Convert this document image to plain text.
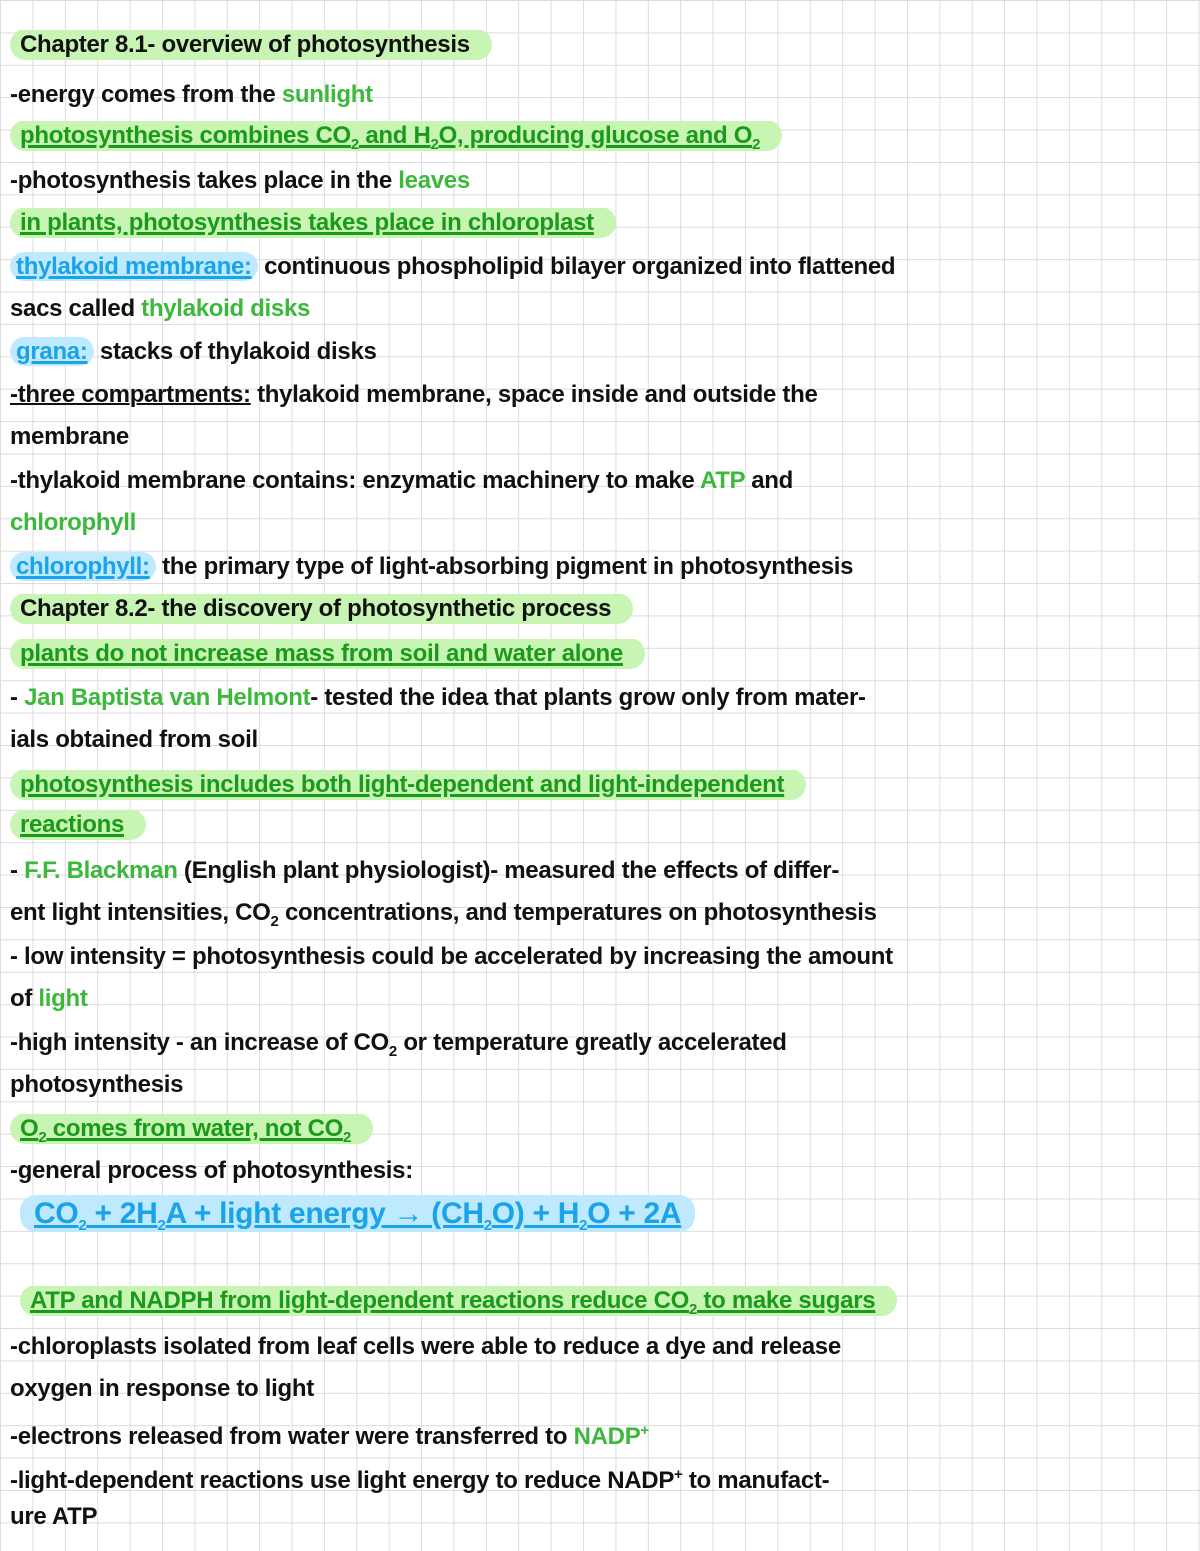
Chapter 8.1- overview of photosynthesis
-energy comes from the sunlight
photosynthesis combines $CO_2$ and $H_2O$, producing glucose and $O_2$
-photosynthesis takes place in the leaves
in plants, photosynthesis takes place in chloroplast
thylakoid membrane: continuous phospholipid bilayer organized into flattened
sacs called thylakoid disks
grana: stacks of thylakoid disks
-three compartments: thylakoid membrane, space inside and outside the
membrane
-thylakoid membrane contains: enzymatic machinery to make ATP and
chlorophyll
chlorophyll: the primary type of light-absorbing pigment in photosynthesis
Chapter 8.2- the discovery of photosynthetic process
plants do not increase mass from soil and water alone
- Jan Baptista van Helmont- tested the idea that plants grow only from mater-
ials obtained from soil
photosynthesis includes both light-dependent and light-independent
reactions
- F.F. Blackman (English plant physiologist)- measured the effects of differ-
ent light intensities, $CO_2$ concentrations, and temperatures on photosynthesis
- low intensity = photosynthesis could be accelerated by increasing the amount
of light
-high intensity - an increase of $CO_2$ or temperature greatly accelerated
photosynthesis
$O_2$ comes from water, not $CO_2$
-general process of photosynthesis:
$CO_2 + 2H_2A$ + light energy → $(CH_2O) + H_2O + 2A$
ATP and NADPH from light-dependent reactions reduce $CO_2$ to make sugars
-chloroplasts isolated from leaf cells were able to reduce a dye and release
oxygen in response to light
-electrons released from water were transferred to NADP+
-light-dependent reactions use light energy to reduce NADP+ to manufact-
ure ATP
